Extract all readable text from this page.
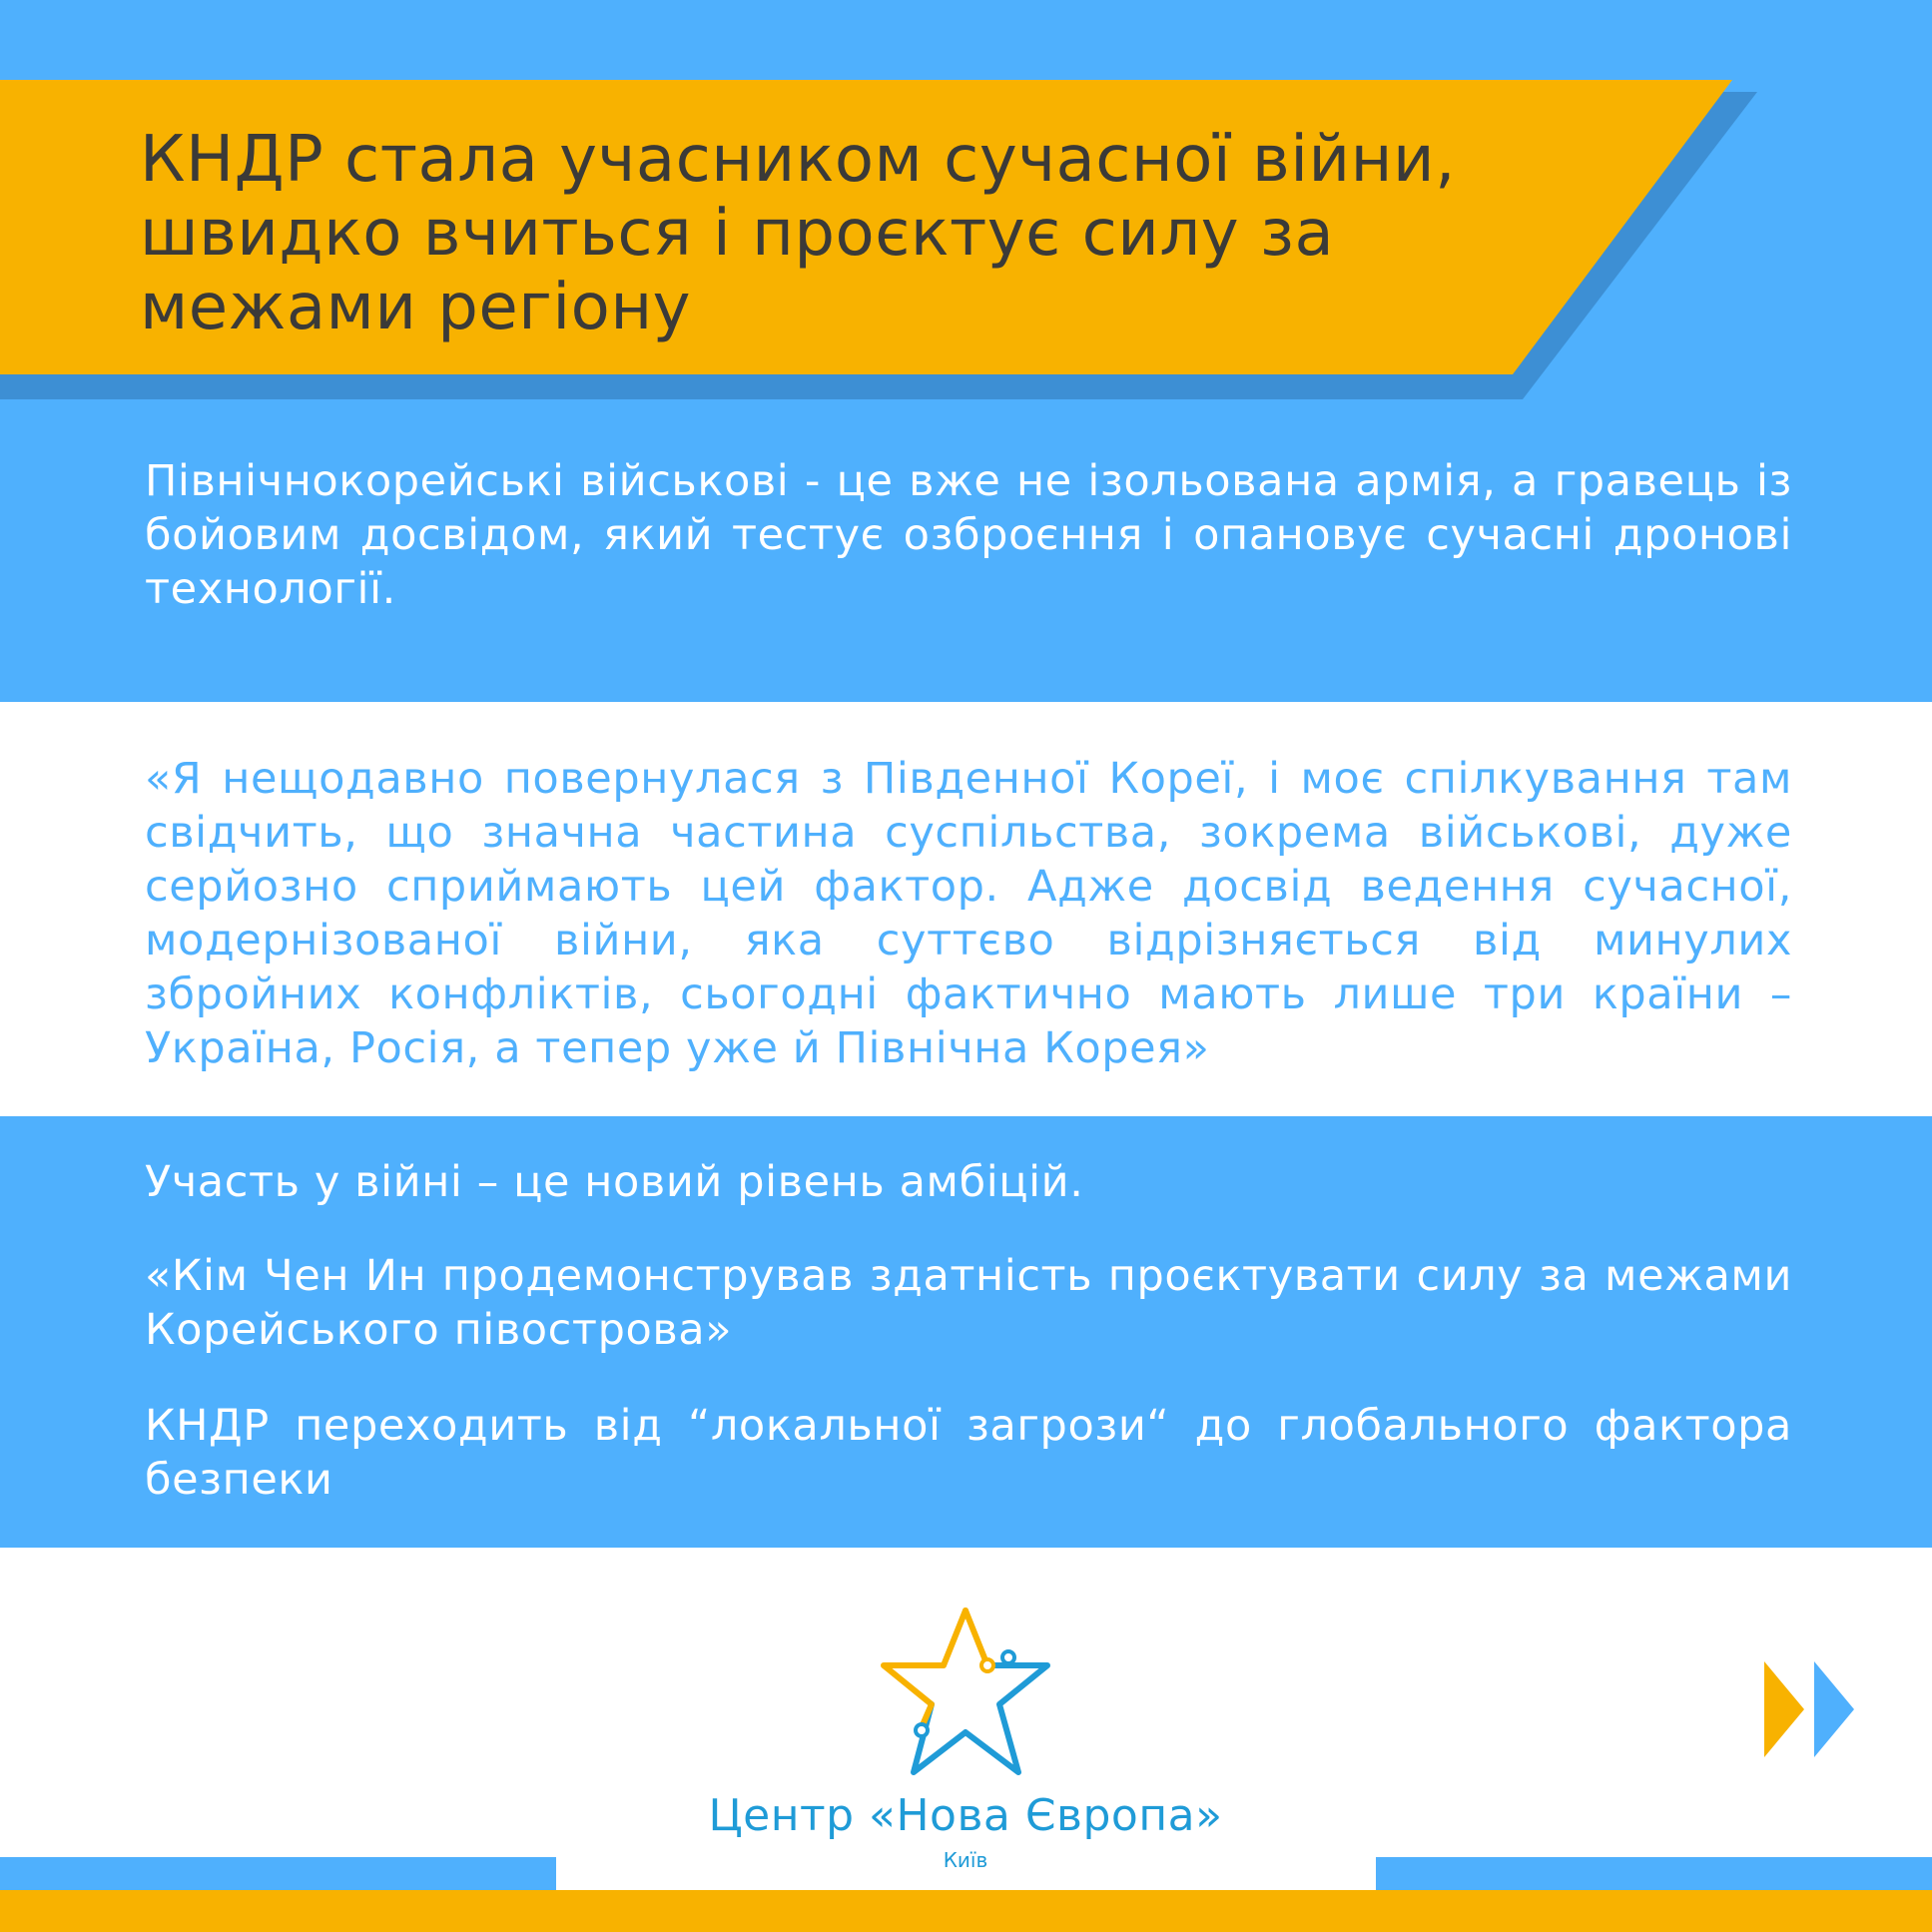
КНДР стала учасником сучасної війни, швидко вчиться і проєктує силу за межами регіону

Північнокорейські військові - це вже не ізольована армія, а гравець із бойовим досвідом, який тестує озброєння і опановує сучасні дронові технології.

«Я нещодавно повернулася з Південної Кореї, і моє спілкування там свідчить, що значна частина суспільства, зокрема військові, дуже серйозно сприймають цей фактор. Адже досвід ведення сучасної, модернізованої війни, яка суттєво відрізняється від минулих збройних конфліктів, сьогодні фактично мають лише три країни – Україна, Росія, а тепер уже й Північна Корея»

Участь у війні – це новий рівень амбіцій.

«Кім Чен Ин продемонстрував здатність проєктувати силу за межами Корейського півострова»

КНДР переходить від “локальної загрози“ до глобального фактора безпеки

Центр «Нова Європа»
Київ
